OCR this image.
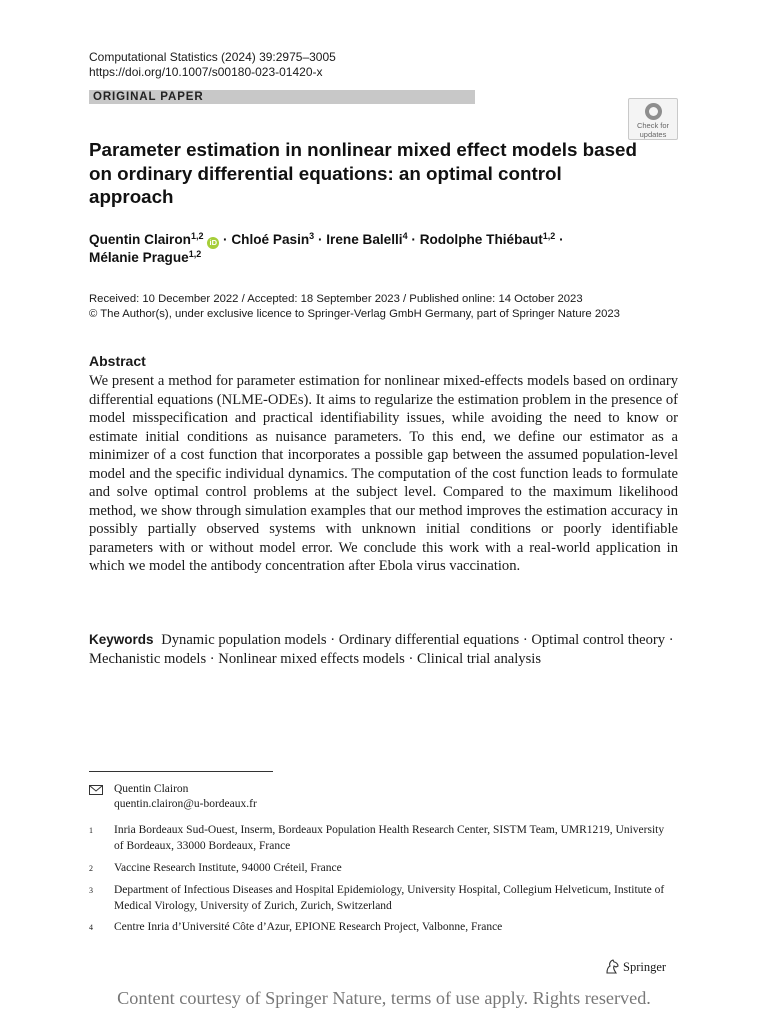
Computational Statistics (2024) 39:2975–3005
https://doi.org/10.1007/s00180-023-01420-x
ORIGINAL PAPER
Check for
updates
Parameter estimation in nonlinear mixed effect models based on ordinary differential equations: an optimal control approach
Quentin Clairon$^{1,2}$ iD · Chloé Pasin$^3$ · Irene Balelli$^4$ · Rodolphe Thiébaut$^{1,2}$ ·
Mélanie Prague$^{1,2}$
Received: 10 December 2022 / Accepted: 18 September 2023 / Published online: 14 October 2023
© The Author(s), under exclusive licence to Springer-Verlag GmbH Germany, part of Springer Nature 2023
Abstract
We present a method for parameter estimation for nonlinear mixed-effects models based on ordinary differential equations (NLME-ODEs). It aims to regularize the estimation problem in the presence of model misspecification and practical identifiability issues, while avoiding the need to know or estimate initial conditions as nuisance parameters. To this end, we define our estimator as a minimizer of a cost function that incorporates a possible gap between the assumed population-level model and the specific individual dynamics. The computation of the cost function leads to formulate and solve optimal control problems at the subject level. Compared to the maximum likelihood method, we show through simulation examples that our method improves the estimation accuracy in possibly partially observed systems with unknown initial conditions or poorly identifiable parameters with or without model error. We conclude this work with a real-world application in which we model the antibody concentration after Ebola virus vaccination.
Keywords Dynamic population models · Ordinary differential equations · Optimal control theory · Mechanistic models · Nonlinear mixed effects models · Clinical trial analysis
Quentin Clairon
quentin.clairon@u-bordeaux.fr
1 Inria Bordeaux Sud-Ouest, Inserm, Bordeaux Population Health Research Center, SISTM Team, UMR1219, University of Bordeaux, 33000 Bordeaux, France
2 Vaccine Research Institute, 94000 Créteil, France
3 Department of Infectious Diseases and Hospital Epidemiology, University Hospital, Collegium Helveticum, Institute of Medical Virology, University of Zurich, Zurich, Switzerland
4 Centre Inria d’Université Côte d’Azur, EPIONE Research Project, Valbonne, France
Springer
Content courtesy of Springer Nature, terms of use apply. Rights reserved.
